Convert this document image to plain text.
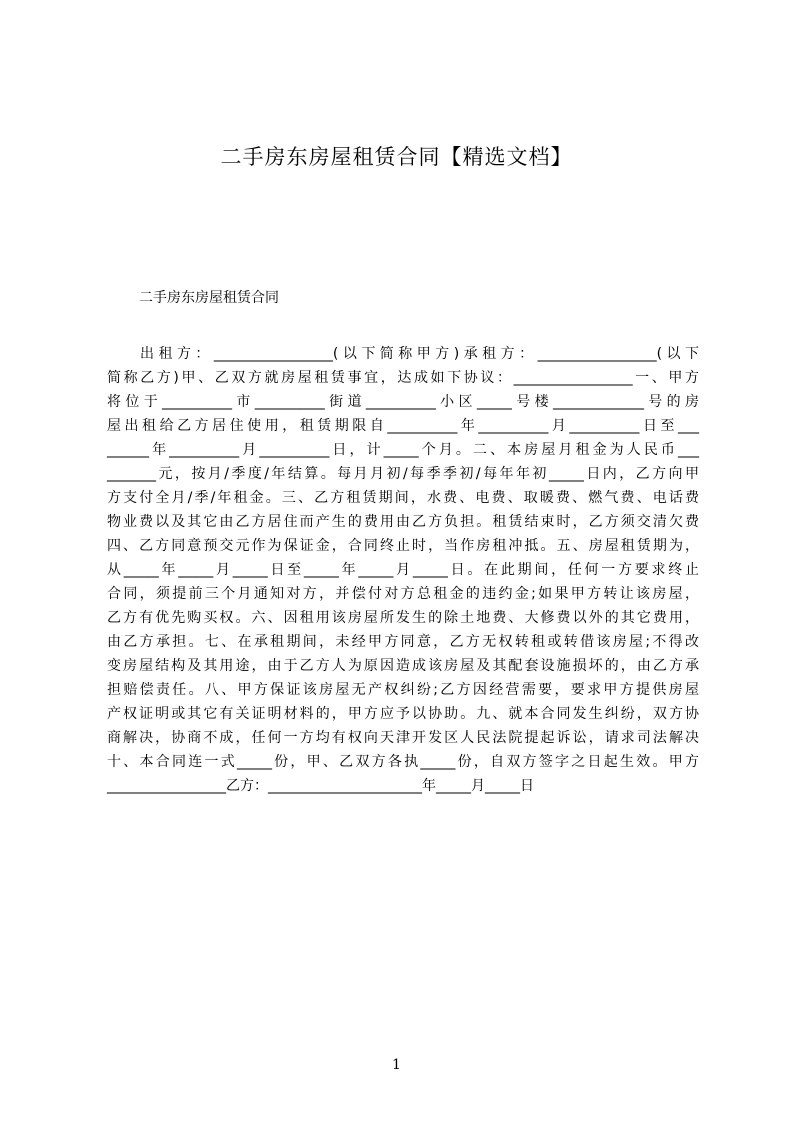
二手房东房屋租赁合同【精选文档】
二手房东房屋租赁合同
出租方：_________________(以下简称甲方)承租方：_________________(以下
简称乙方)甲、乙双方就房屋租赁事宜，达成如下协议：_________________一、甲方
将位于__________市__________街道__________小区_____号楼_____________号的房
屋出租给乙方居住使用，租赁期限自__________年__________月__________日至___
______年__________月__________日，计_____个月。二、本房屋月租金为人民币___
_______元，按月/季度/年结算。每月月初/每季季初/每年年初_____日内，乙方向甲
方支付全月/季/年租金。三、乙方租赁期间，水费、电费、取暖费、燃气费、电话费
物业费以及其它由乙方居住而产生的费用由乙方负担。租赁结束时，乙方须交清欠费
四、乙方同意预交元作为保证金，合同终止时，当作房租冲抵。五、房屋租赁期为，
从_____年_____月_____日至_____年_____月_____日。在此期间，任何一方要求终止
合同，须提前三个月通知对方，并偿付对方总租金的违约金;如果甲方转让该房屋，
乙方有优先购买权。六、因租用该房屋所发生的除土地费、大修费以外的其它费用，
由乙方承担。七、在承租期间，未经甲方同意，乙方无权转租或转借该房屋;不得改
变房屋结构及其用途，由于乙方人为原因造成该房屋及其配套设施损坏的，由乙方承
担赔偿责任。八、甲方保证该房屋无产权纠纷;乙方因经营需要，要求甲方提供房屋
产权证明或其它有关证明材料的，甲方应予以协助。九、就本合同发生纠纷，双方协
商解决，协商不成，任何一方均有权向天津开发区人民法院提起诉讼，请求司法解决
十、本合同连一式_____份，甲、乙双方各执_____份，自双方签字之日起生效。甲方
_________________乙方：______________________年_____月_____日
1
